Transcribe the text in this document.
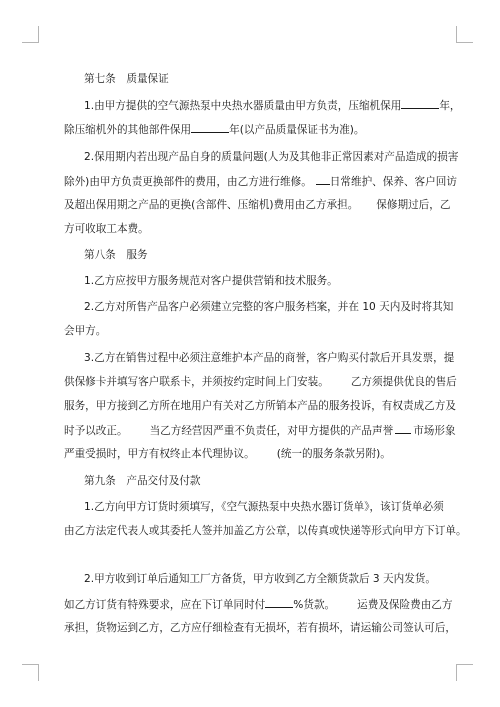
第七条　质量保证
1.由甲方提供的空气源热泵中央热水器质量由甲方负责，压缩机保用	年，
除压缩机外的其他部件保用	年(以产品质量保证书为准)。
2.保用期内若出现产品自身的质量问题(人为及其他非正常因素对产品造成的损害
除外)由甲方负责更换部件的费用，由乙方进行维修。 日常维护、保养、客户回访
及超出保用期之产品的更换(含部件、压缩机)费用由乙方承担。 保修期过后，乙
方可收取工本费。
第八条　服务
1.乙方应按甲方服务规范对客户提供营销和技术服务。
2.乙方对所售产品客户必须建立完整的客户服务档案，并在 10 天内及时将其知
会甲方。
3.乙方在销售过程中必须注意维护本产品的商誉，客户购买付款后开具发票，提
供保修卡并填写客户联系卡，并须按约定时间上门安装。 乙方须提供优良的售后
服务，甲方接到乙方所在地用户有关对乙方所销本产品的服务投诉，有权责成乙方及
时予以改正。 当乙方经营因严重不负责任，对甲方提供的产品声誉 市场形象
严重受损时，甲方有权终止本代理协议。 (统一的服务条款另附)。
第九条　产品交付及付款
1.乙方向甲方订货时须填写，《空气源热泵中央热水器订货单》，该订货单必须
由乙方法定代表人或其委托人签并加盖乙方公章，以传真或快递等形式向甲方下订单。
2.甲方收到订单后通知工厂方备货，甲方收到乙方全额货款后 3 天内发货。
如乙方订货有特殊要求，应在下订单同时付	%货款。 运费及保险费由乙方
承担，货物运到乙方，乙方应仔细检查有无损坏，若有损坏，请运输公司签认可后，
